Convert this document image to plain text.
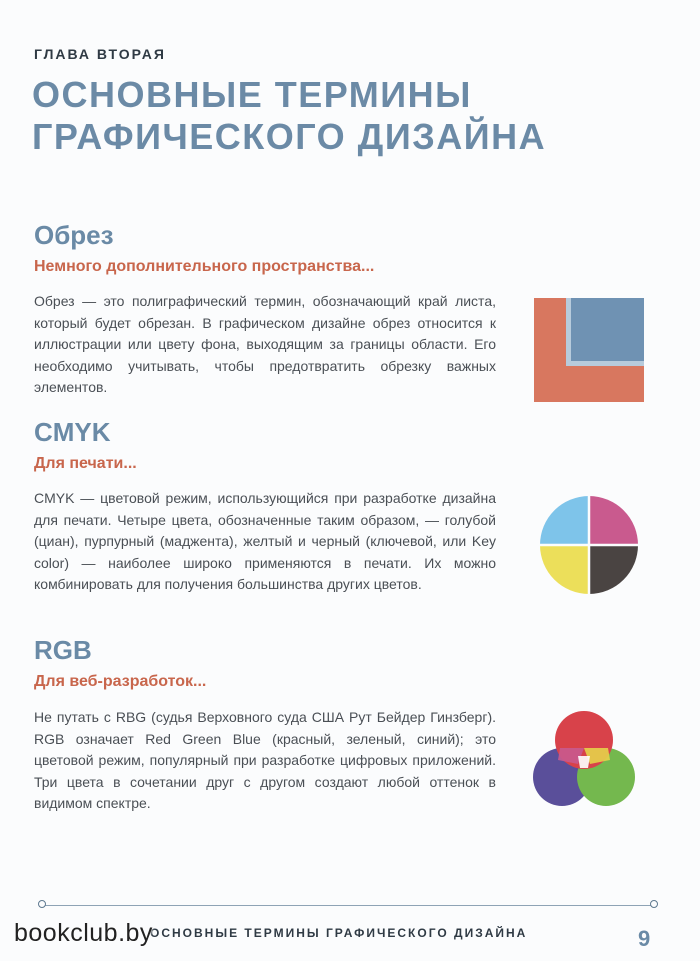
ГЛАВА ВТОРАЯ
ОСНОВНЫЕ ТЕРМИНЫ
ГРАФИЧЕСКОГО ДИЗАЙНА
Обрез
Немного дополнительного пространства...
Обрез — это полиграфический термин, обозначающий край листа, который будет обрезан. В графическом дизайне обрез относится к иллюстрации или цвету фона, выходящим за границы области. Его необходимо учитывать, чтобы предотвратить обрезку важных элементов.
CMYK
Для печати...
CMYK — цветовой режим, использующийся при разработке дизайна для печати. Четыре цвета, обозначенные таким образом, — голубой (циан), пурпурный (маджента), желтый и черный (ключевой, или Key color) — наиболее широко применяются в печати. Их можно комбинировать для получения большинства других цветов.
RGB
Для веб-разработок...
Не путать с RBG (судья Верховного суда США Рут Бейдер Гинзберг). RGB означает Red Green Blue (красный, зеленый, синий); это цветовой режим, популярный при разработке цифровых приложений. Три цвета в сочетании друг с другом создают любой оттенок в видимом спектре.
ОСНОВНЫЕ ТЕРМИНЫ ГРАФИЧЕСКОГО ДИЗАЙНА	9
bookclub.by
